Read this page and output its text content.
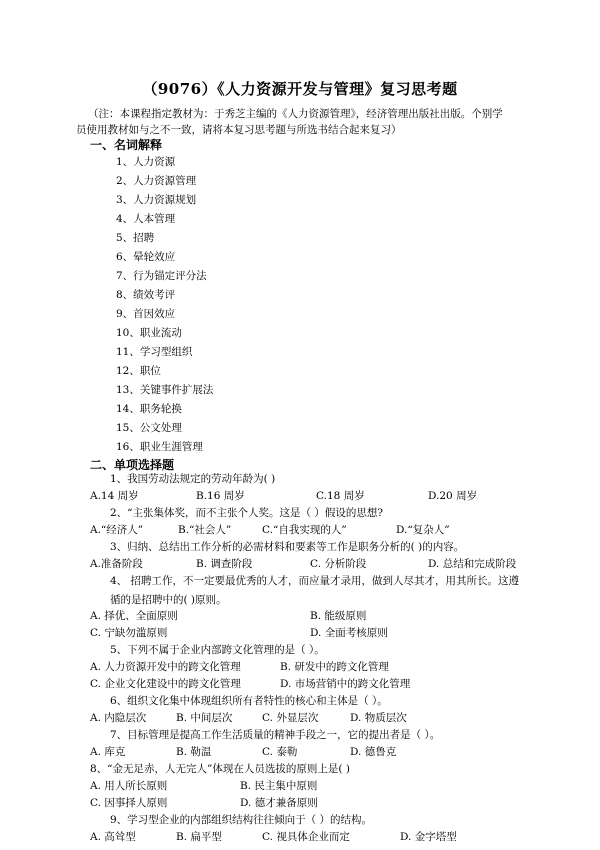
（9076）《人力资源开发与管理》复习思考题
（注：本课程指定教材为：于秀芝主编的《人力资源管理》，经济管理出版社出版。个别学
员使用教材如与之不一致，请将本复习思考题与所选书结合起来复习）
一、名词解释
1、人力资源
2、人力资源管理
3、人力资源规划
4、人本管理
5、招聘
6、晕轮效应
7、行为锚定评分法
8、绩效考评
9、首因效应
10、职业流动
11、学习型组织
12、职位
13、关键事件扩展法
14、职务轮换
15、公文处理
16、职业生涯管理
二、单项选择题
1、我国劳动法规定的劳动年龄为( )
A.14 周岁	B.16 周岁	C.18 周岁	D.20 周岁
2、“主张集体奖，而不主张个人奖。这是（ ）假设的思想?
A.“经济人”	B.“社会人”	C.“自我实现的人”	D.“复杂人”
3、归纳、总结出工作分析的必需材料和要素等工作是职务分析的( )的内容。
A.准备阶段	B. 调查阶段	C. 分析阶段	D. 总结和完成阶段
4、 招聘工作，不一定要最优秀的人才，而应量才录用，做到人尽其才，用其所长。这遵循的是招聘中的( )原则。
A. 择优、全面原则	B. 能级原则
C. 宁缺勿滥原则	D. 全面考核原则
5、下列不属于企业内部跨文化管理的是（ ）。
A. 人力资源开发中的跨文化管理	B. 研发中的跨文化管理
C. 企业文化建设中的跨文化管理	D. 市场营销中的跨文化管理
6、组织文化集中体现组织所有者特性的核心和主体是（ ）。
A. 内隐层次	B. 中间层次	C. 外显层次	D. 物质层次
7、目标管理是提高工作生活质量的精神手段之一，它的提出者是（ ）。
A. 库克	B. 勒温	C. 泰勒	D. 德鲁克
8、“金无足赤，人无完人”体现在人员选拔的原则上是( )
A. 用人所长原则	B. 民主集中原则
C. 因事择人原则	D. 德才兼备原则
9、学习型企业的内部组织结构往往倾向于（ ）的结构。
A. 高耸型	B. 扁平型	C. 视具体企业而定	D. 金字塔型
